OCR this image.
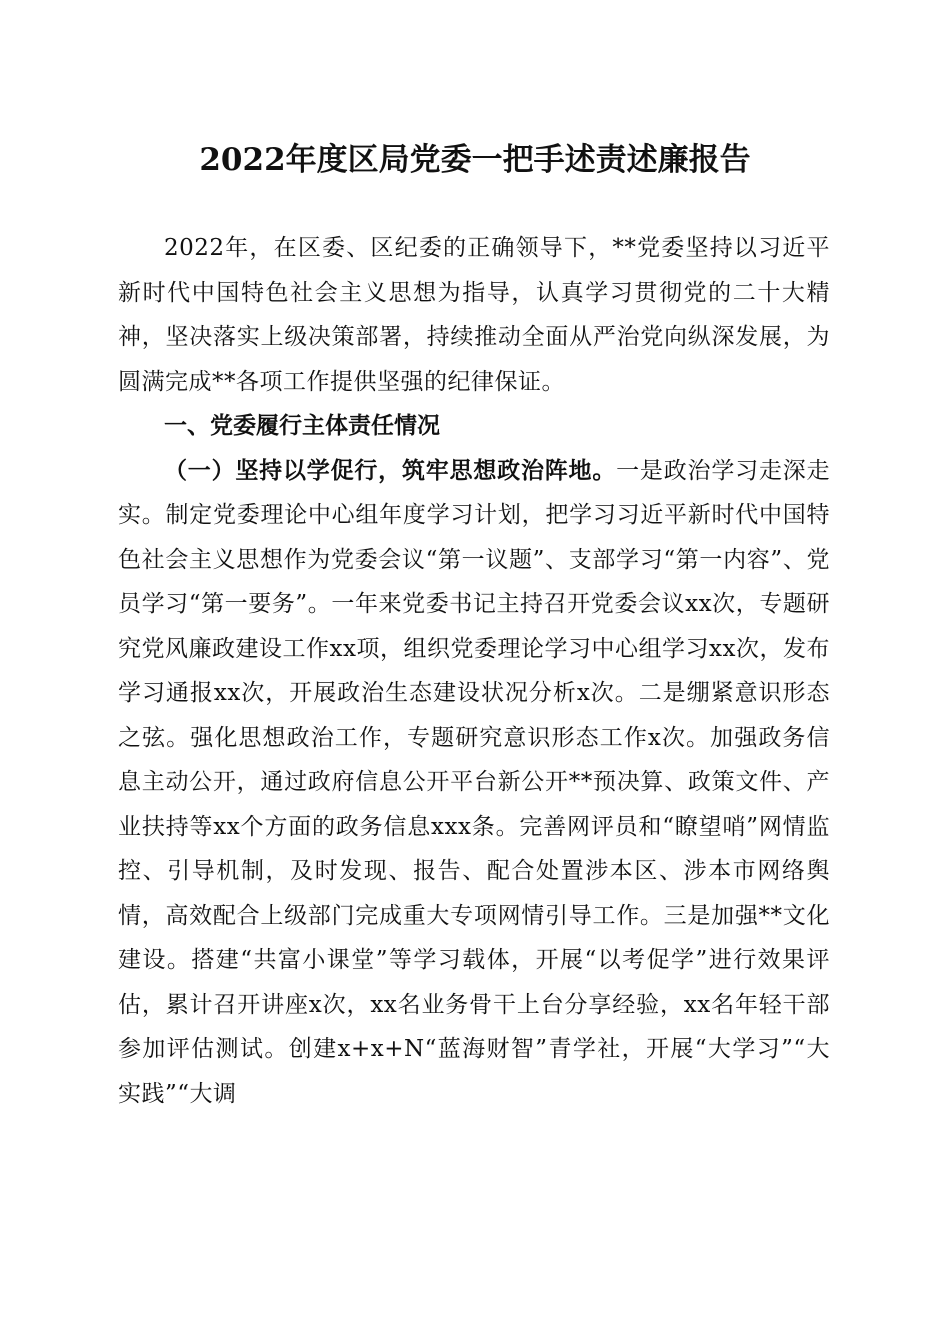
2022年度区局党委一把手述责述廉报告

2022年，在区委、区纪委的正确领导下，**党委坚持以习近平新时代中国特色社会主义思想为指导，认真学习贯彻党的二十大精神，坚决落实上级决策部署，持续推动全面从严治党向纵深发展，为圆满完成**各项工作提供坚强的纪律保证。

一、党委履行主体责任情况

（一）坚持以学促行，筑牢思想政治阵地。一是政治学习走深走实。制定党委理论中心组年度学习计划，把学习习近平新时代中国特色社会主义思想作为党委会议“第一议题”、支部学习“第一内容”、党员学习“第一要务”。一年来党委书记主持召开党委会议xx次，专题研究党风廉政建设工作xx项，组织党委理论学习中心组学习xx次，发布学习通报xx次，开展政治生态建设状况分析x次。二是绷紧意识形态之弦。强化思想政治工作，专题研究意识形态工作x次。加强政务信息主动公开，通过政府信息公开平台新公开**预决算、政策文件、产业扶持等xx个方面的政务信息xxx条。完善网评员和“瞭望哨”网情监控、引导机制，及时发现、报告、配合处置涉本区、涉本市网络舆情，高效配合上级部门完成重大专项网情引导工作。三是加强**文化建设。搭建“共富小课堂”等学习载体，开展“以考促学”进行效果评估，累计召开讲座x次，xx名业务骨干上台分享经验，xx名年轻干部参加评估测试。创建x+x+N“蓝海财智”青学社，开展“大学习”“大实践”“大调
